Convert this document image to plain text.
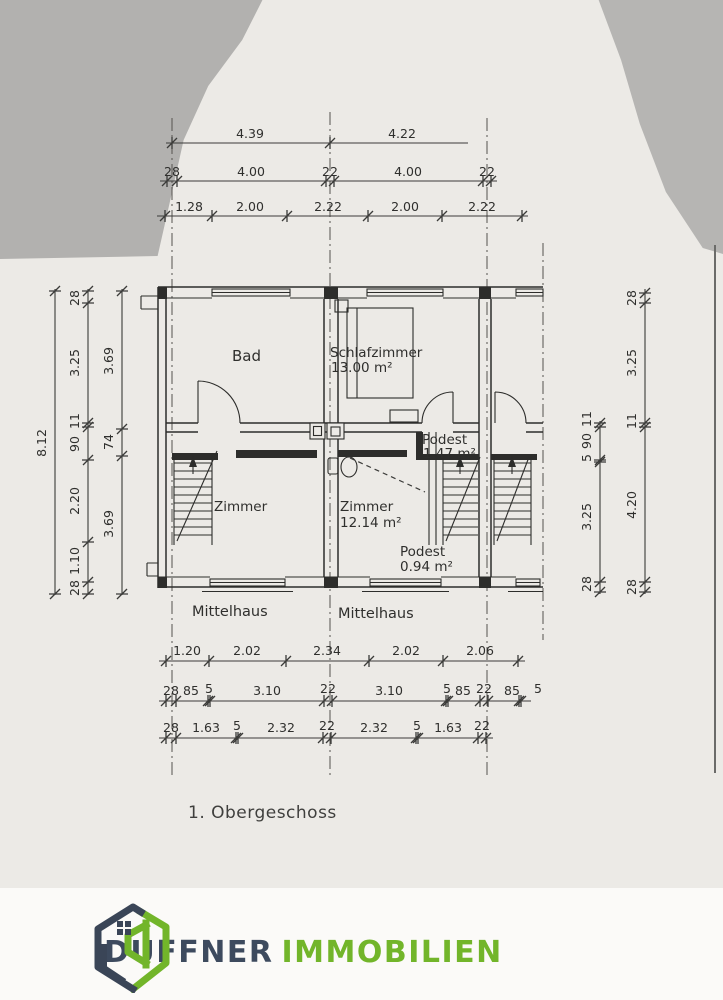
4.39	4.22
28	4.00	22	4.00	22
1.28	2.00	2.22	2.00	2.22
8.12
28
3.25
11
90
2.20
1.10
28
3.69
74
3.69
11
90
5
3.25
28
28
3.25
11
4.20
28
1.20	2.02	2.34	2.02	2.06
28 85 5	3.10	22	3.10	5 85 22 85 5
28 1.63 5 2.32 22 2.32 5 1.63 22
Bad	Schlafzimmer
13.00 m²
Podest
1.47 m²
Zimmer	Zimmer
12.14 m²
Podest
0.94 m²
Mittelhaus	Mittelhaus
1. Obergeschoss
DUFFNER IMMOBILIEN
